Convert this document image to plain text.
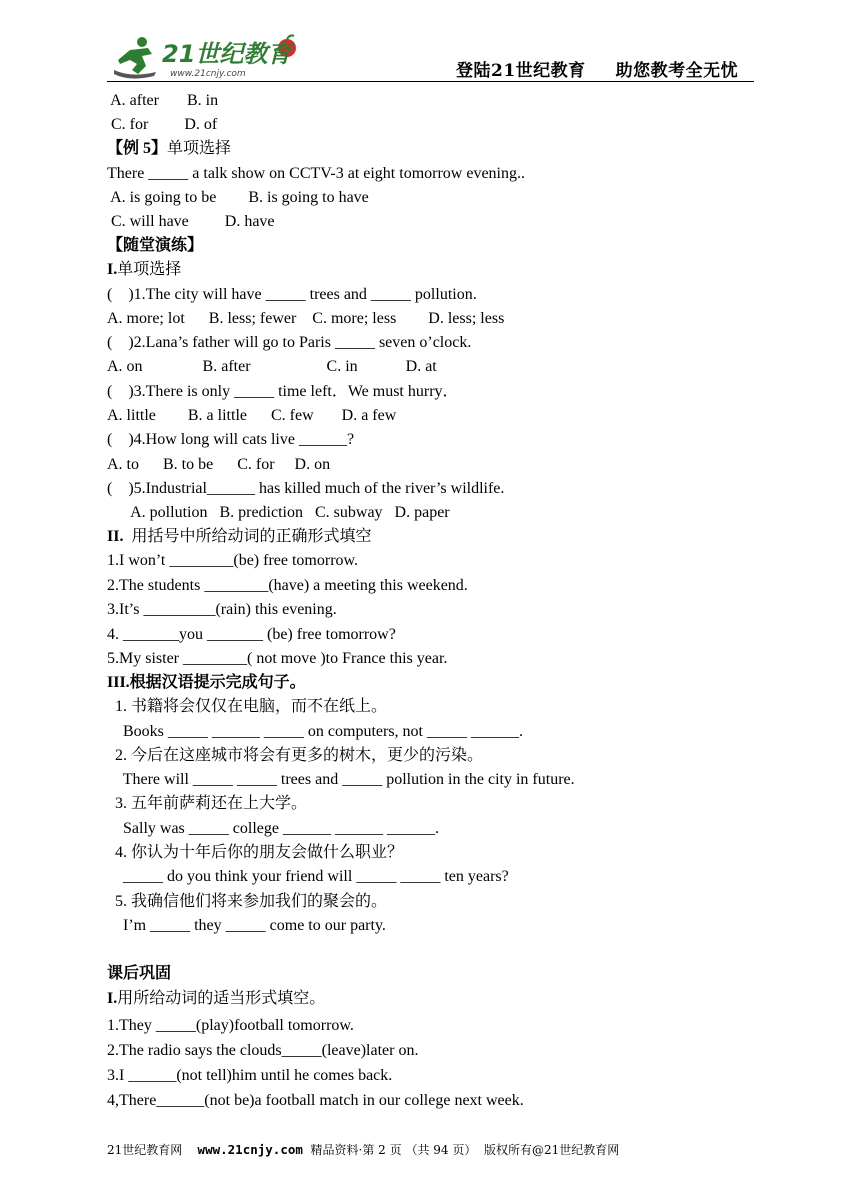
21世纪教育
www.21cnjy.com	登陆21世纪教育 助您教考全无忧
A. after       B. in
C. for         D. of
【例 5】单项选择
There _____ a talk show on CCTV-3 at eight tomorrow evening..
A. is going to be        B. is going to have
C. will have         D. have
【随堂演练】
I.单项选择
(    )1.The city will have _____ trees and _____ pollution.
A. more; lot      B. less; fewer    C. more; less        D. less; less
(    )2.Lana’s father will go to Paris _____ seven o’clock.
A. on               B. after                   C. in            D. at
(    )3.There is only _____ time left．We must hurry．
A. little        B. a little      C. few       D. a few
(    )4.How long will cats live ______?
A. to      B. to be      C. for     D. on
(    )5.Industrial______ has killed much of the river’s wildlife.
A. pollution   B. prediction   C. subway   D. paper
II.  用括号中所给动词的正确形式填空
1.I won’t ________(be) free tomorrow.
2.The students ________(have) a meeting this weekend.
3.It’s _________(rain) this evening.
4. _______you _______ (be) free tomorrow?
5.My sister ________( not move )to France this year.
III.根据汉语提示完成句子。
1. 书籍将会仅仅在电脑，而不在纸上。
Books _____ ______ _____ on computers, not _____ ______.
2. 今后在这座城市将会有更多的树木，更少的污染。
There will _____ _____ trees and _____ pollution in the city in future.
3. 五年前萨莉还在上大学。
Sally was _____ college ______ ______ ______.
4. 你认为十年后你的朋友会做什么职业？
_____ do you think your friend will _____ _____ ten years?
5. 我确信他们将来参加我们的聚会的。
I’m _____ they _____ come to our party.
课后巩固
I.用所给动词的适当形式填空。
1.They _____(play)football tomorrow.
2.The radio says the clouds_____(leave)later on.
3.I ______(not tell)him until he comes back.
4,There______(not be)a football match in our college next week.
21世纪教育网 www.21cnjy.com 精品资料·第 2 页 （共 94 页）  版权所有@21世纪教育网
